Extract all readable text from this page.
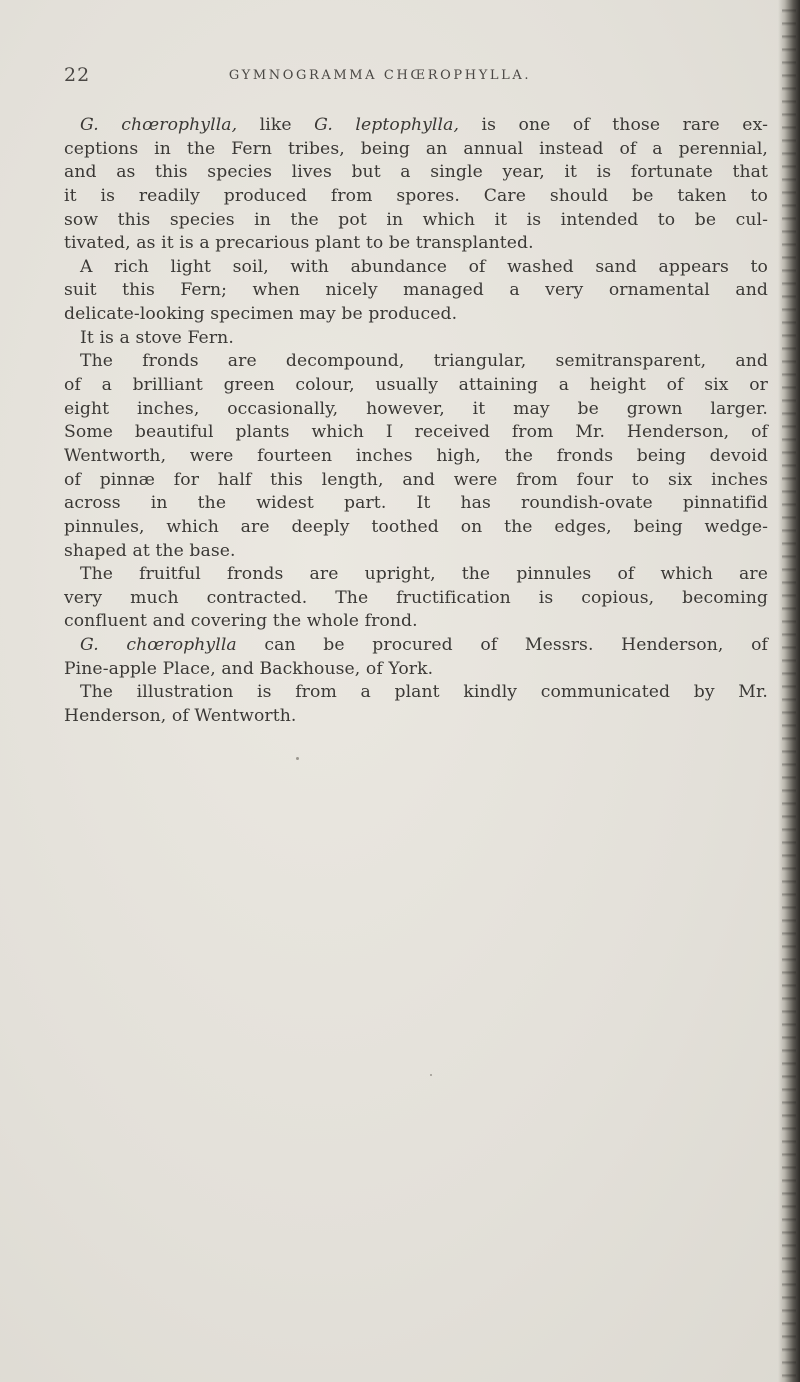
22	GYMNOGRAMMA CHŒROPHYLLA.
G. chœrophylla, like G. leptophylla, is one of those rare ex-
ceptions in the Fern tribes, being an annual instead of a perennial,
and as this species lives but a single year, it is fortunate that
it is readily produced from spores. Care should be taken to
sow this species in the pot in which it is intended to be cul-
tivated, as it is a precarious plant to be transplanted.
A rich light soil, with abundance of washed sand appears to
suit this Fern; when nicely managed a very ornamental and
delicate-looking specimen may be produced.
It is a stove Fern.
The fronds are decompound, triangular, semitransparent, and
of a brilliant green colour, usually attaining a height of six or
eight inches, occasionally, however, it may be grown larger.
Some beautiful plants which I received from Mr. Henderson, of
Wentworth, were fourteen inches high, the fronds being devoid
of pinnæ for half this length, and were from four to six inches
across in the widest part. It has roundish-ovate pinnatifid
pinnules, which are deeply toothed on the edges, being wedge-
shaped at the base.
The fruitful fronds are upright, the pinnules of which are
very much contracted. The fructification is copious, becoming
confluent and covering the whole frond.
G. chœrophylla can be procured of Messrs. Henderson, of
Pine-apple Place, and Backhouse, of York.
The illustration is from a plant kindly communicated by Mr.
Henderson, of Wentworth.
